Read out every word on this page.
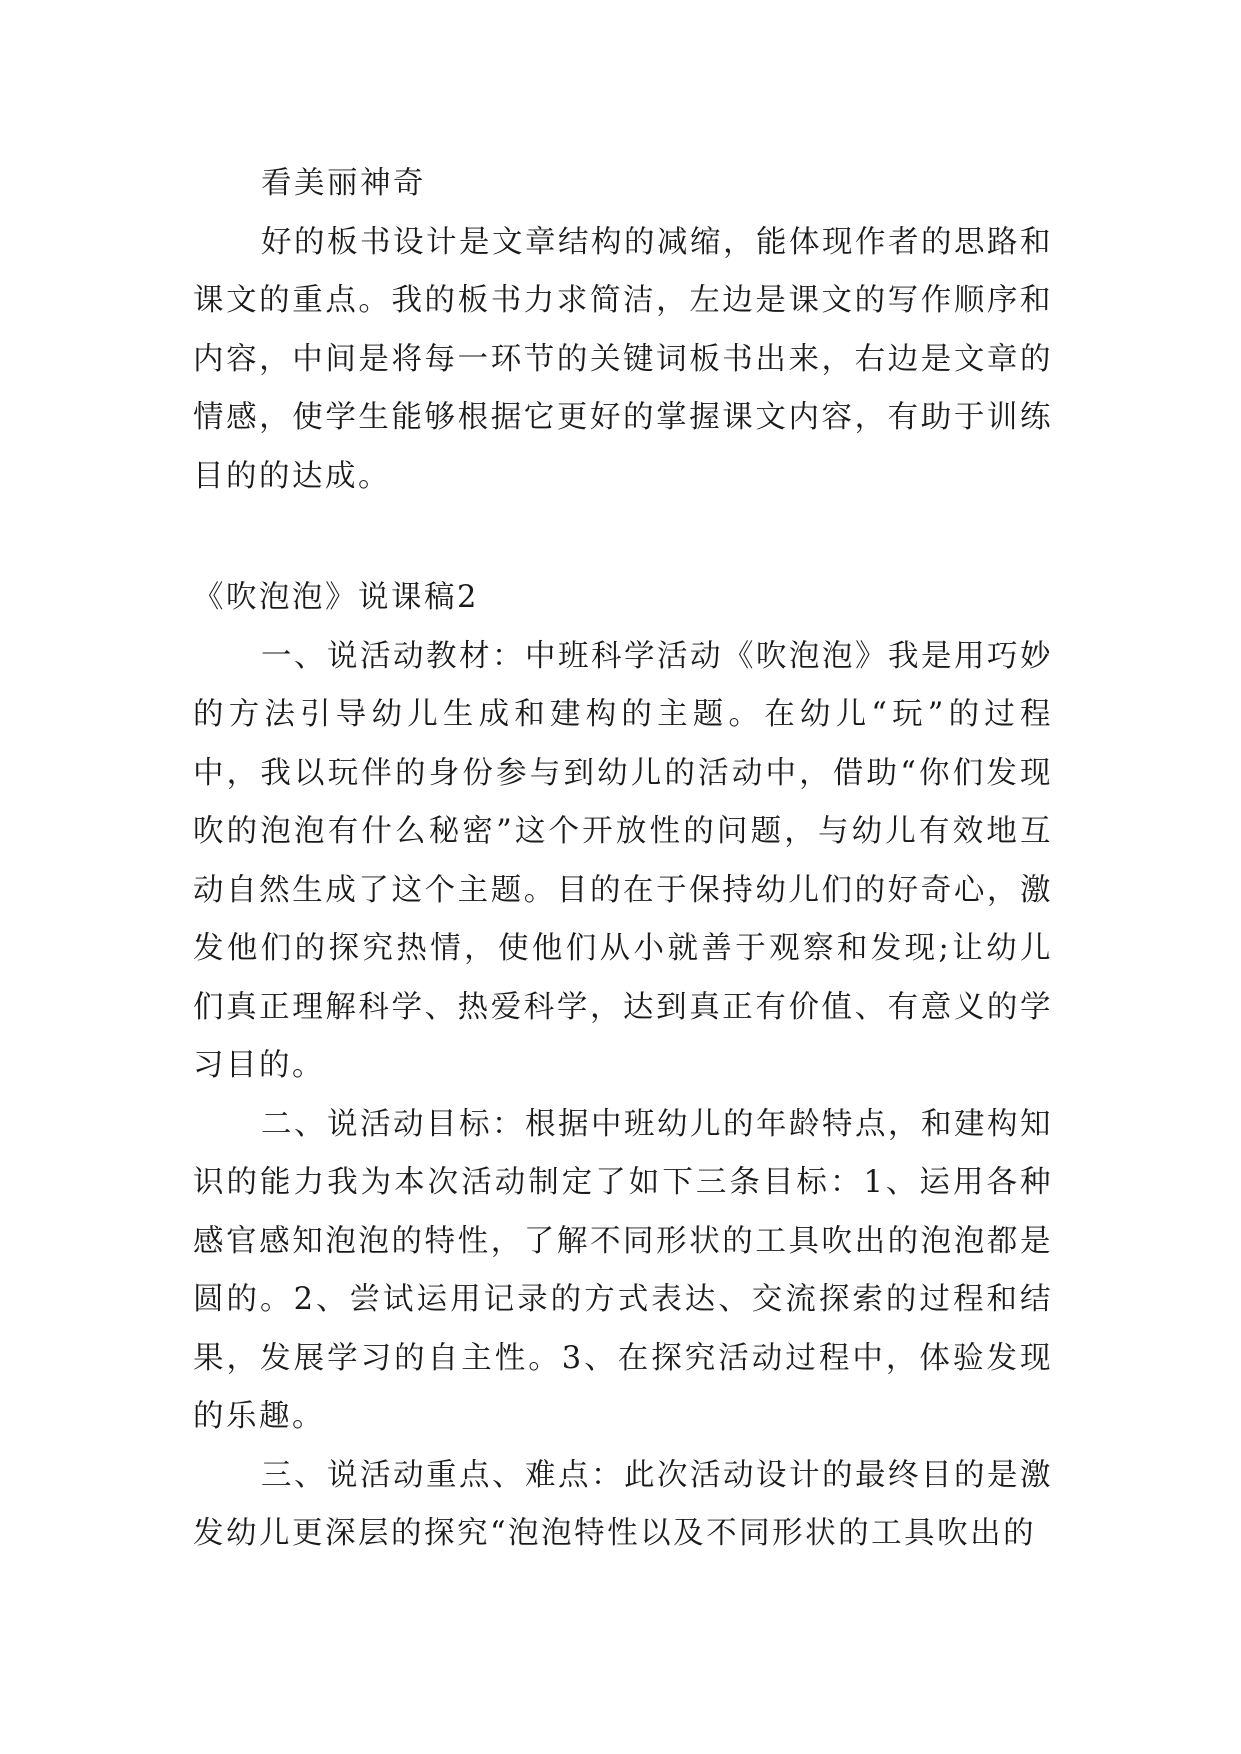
看美丽神奇

好的板书设计是文章结构的减缩，能体现作者的思路和课文的重点。我的板书力求简洁，左边是课文的写作顺序和内容，中间是将每一环节的关键词板书出来，右边是文章的情感，使学生能够根据它更好的掌握课文内容，有助于训练目的的达成。

《吹泡泡》说课稿2

一、说活动教材：中班科学活动《吹泡泡》我是用巧妙的方法引导幼儿生成和建构的主题。在幼儿“玩”的过程中，我以玩伴的身份参与到幼儿的活动中，借助“你们发现吹的泡泡有什么秘密”这个开放性的问题，与幼儿有效地互动自然生成了这个主题。目的在于保持幼儿们的好奇心，激发他们的探究热情，使他们从小就善于观察和发现;让幼儿们真正理解科学、热爱科学，达到真正有价值、有意义的学习目的。

二、说活动目标：根据中班幼儿的年龄特点，和建构知识的能力我为本次活动制定了如下三条目标：1、运用各种感官感知泡泡的特性，了解不同形状的工具吹出的泡泡都是圆的。2、尝试运用记录的方式表达、交流探索的过程和结果，发展学习的自主性。3、在探究活动过程中，体验发现的乐趣。

三、说活动重点、难点：此次活动设计的最终目的是激发幼儿更深层的探究“泡泡特性以及不同形状的工具吹出的
